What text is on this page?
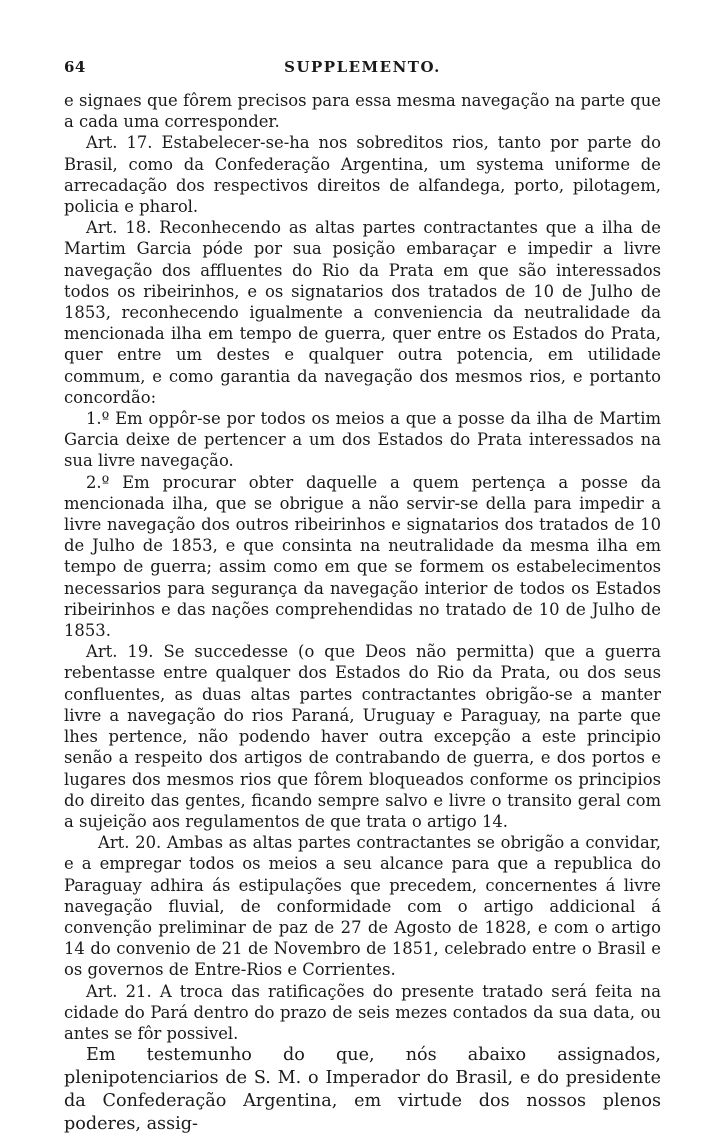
64	SUPPLEMENTO.

e signaes que fôrem precisos para essa mesma navegação na parte que a cada uma corresponder.

Art. 17. Estabelecer-se-ha nos sobreditos rios, tanto por parte do Brasil, como da Confederação Argentina, um systema uniforme de arrecadação dos respectivos direitos de alfandega, porto, pilotagem, policia e pharol.

Art. 18. Reconhecendo as altas partes contractantes que a ilha de Martim Garcia póde por sua posição embaraçar e impedir a livre navegação dos affluentes do Rio da Prata em que são interessados todos os ribeirinhos, e os signatarios dos tratados de 10 de Julho de 1853, reconhecendo igualmente a conveniencia da neutralidade da mencionada ilha em tempo de guerra, quer entre os Estados do Prata, quer entre um destes e qualquer outra potencia, em utilidade commum, e como garantia da navegação dos mesmos rios, e portanto concordão:

1.º Em oppôr-se por todos os meios a que a posse da ilha de Martim Garcia deixe de pertencer a um dos Estados do Prata interessados na sua livre navegação.

2.º Em procurar obter daquelle a quem pertença a posse da mencionada ilha, que se obrigue a não servir-se della para impedir a livre navegação dos outros ribeirinhos e signatarios dos tratados de 10 de Julho de 1853, e que consinta na neutralidade da mesma ilha em tempo de guerra; assim como em que se formem os estabelecimentos necessarios para segurança da navegação interior de todos os Estados ribeirinhos e das nações comprehendidas no tratado de 10 de Julho de 1853.

Art. 19. Se succedesse (o que Deos não permitta) que a guerra rebentasse entre qualquer dos Estados do Rio da Prata, ou dos seus confluentes, as duas altas partes contractantes obrigão-se a manter livre a navegação do rios Paraná, Uruguay e Paraguay, na parte que lhes pertence, não podendo haver outra excepção a este principio senão a respeito dos artigos de contrabando de guerra, e dos portos e lugares dos mesmos rios que fôrem bloqueados conforme os principios do direito das gentes, ficando sempre salvo e livre o transito geral com a sujeição aos regulamentos de que trata o artigo 14.

Art. 20. Ambas as altas partes contractantes se obrigão a convidar, e a empregar todos os meios a seu alcance para que a republica do Paraguay adhira ás estipulações que precedem, concernentes á livre navegação fluvial, de conformidade com o artigo addicional á convenção preliminar de paz de 27 de Agosto de 1828, e com o artigo 14 do convenio de 21 de Novembro de 1851, celebrado entre o Brasil e os governos de Entre-Rios e Corrientes.

Art. 21. A troca das ratificações do presente tratado será feita na cidade do Pará dentro do prazo de seis mezes contados da sua data, ou antes se fôr possivel.

Em testemunho do que, nós abaixo assignados, plenipotenciarios de S. M. o Imperador do Brasil, e do presidente da Confederação Argentina, em virtude dos nossos plenos poderes, assig-
